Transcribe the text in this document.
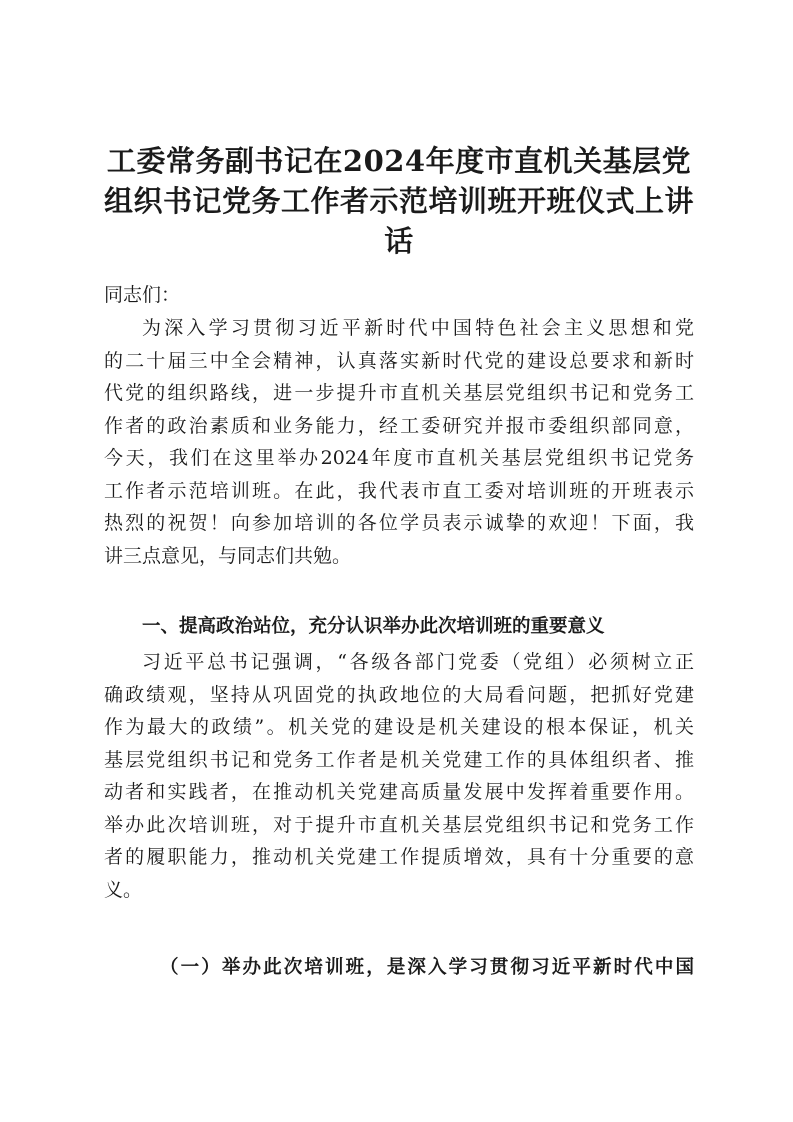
工委常务副书记在2024年度市直机关基层党
组织书记党务工作者示范培训班开班仪式上讲
话

同志们：

为深入学习贯彻习近平新时代中国特色社会主义思想和党
的二十届三中全会精神，认真落实新时代党的建设总要求和新时
代党的组织路线，进一步提升市直机关基层党组织书记和党务工
作者的政治素质和业务能力，经工委研究并报市委组织部同意，
今天，我们在这里举办2024年度市直机关基层党组织书记党务
工作者示范培训班。在此，我代表市直工委对培训班的开班表示
热烈的祝贺！向参加培训的各位学员表示诚挚的欢迎！下面，我
讲三点意见，与同志们共勉。
一、提高政治站位，充分认识举办此次培训班的重要意义
习近平总书记强调，“各级各部门党委（党组）必须树立正
确政绩观，坚持从巩固党的执政地位的大局看问题，把抓好党建
作为最大的政绩”。机关党的建设是机关建设的根本保证，机关
基层党组织书记和党务工作者是机关党建工作的具体组织者、推
动者和实践者，在推动机关党建高质量发展中发挥着重要作用。
举办此次培训班，对于提升市直机关基层党组织书记和党务工作
者的履职能力，推动机关党建工作提质增效，具有十分重要的意
义。
（一）举办此次培训班，是深入学习贯彻习近平新时代中国
